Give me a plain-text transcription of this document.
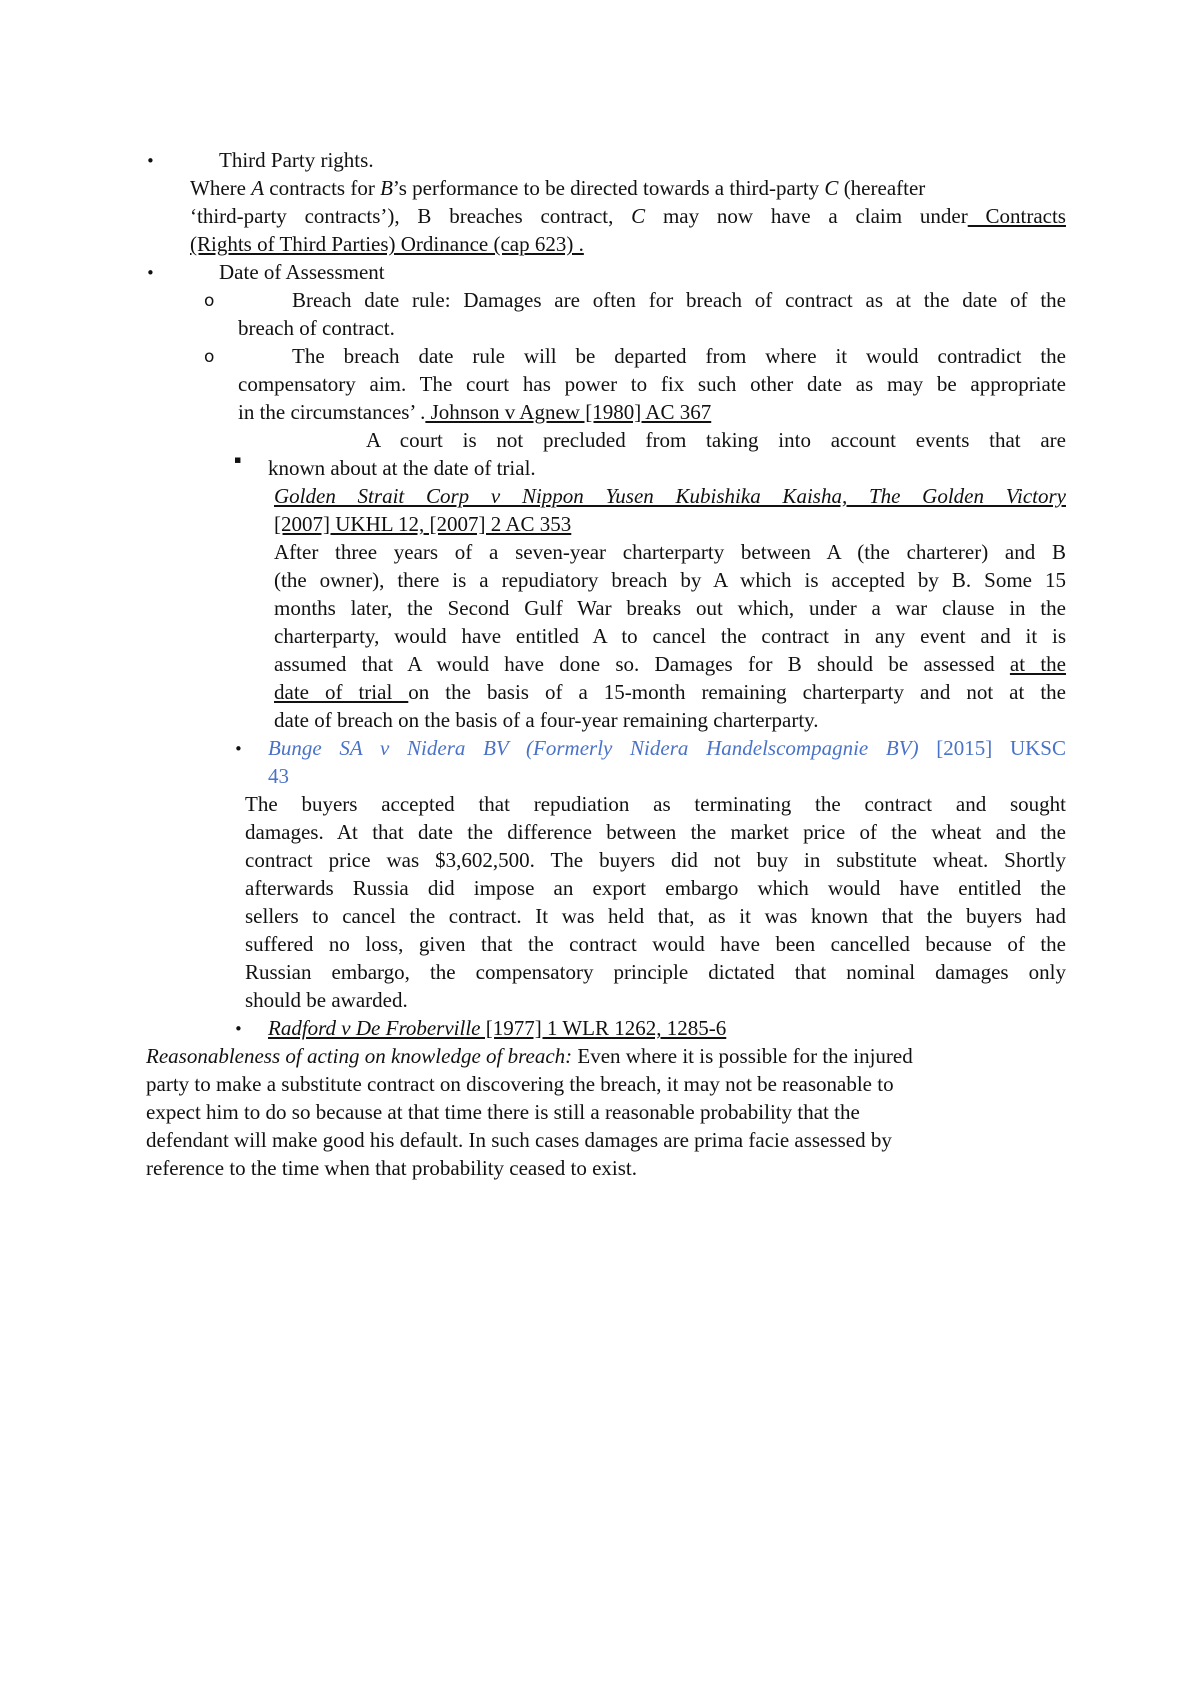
•	Third Party rights.
Where A contracts for B’s performance to be directed towards a third-party C (hereafter
‘third-party contracts’), B breaches contract, C may now have a claim under Contracts
(Rights of Third Parties) Ordinance (cap 623) .
•	Date of Assessment
o	Breach date rule: Damages are often for breach of contract as at the date of the
breach of contract.
o	The breach date rule will be departed from where it would contradict the
compensatory aim. The court has power to fix such other date as may be appropriate
in the circumstances’ . Johnson v Agnew [1980] AC 367
▪
A court is not precluded from taking into account events that are
known about at the date of trial.
Golden Strait Corp v Nippon Yusen Kubishika Kaisha, The Golden Victory
[2007] UKHL 12, [2007] 2 AC 353
After three years of a seven-year charterparty between A (the charterer) and B
(the owner), there is a repudiatory breach by A which is accepted by B. Some 15
months later, the Second Gulf War breaks out which, under a war clause in the
charterparty, would have entitled A to cancel the contract in any event and it is
assumed that A would have done so. Damages for B should be assessed at the
date of trial on the basis of a 15-month remaining charterparty and not at the
date of breach on the basis of a four-year remaining charterparty.
• Bunge SA v Nidera BV (Formerly Nidera Handelscompagnie BV) [2015] UKSC
43
The buyers accepted that repudiation as terminating the contract and sought
damages. At that date the difference between the market price of the wheat and the
contract price was $3,602,500. The buyers did not buy in substitute wheat. Shortly
afterwards Russia did impose an export embargo which would have entitled the
sellers to cancel the contract. It was held that, as it was known that the buyers had
suffered no loss, given that the contract would have been cancelled because of the
Russian embargo, the compensatory principle dictated that nominal damages only
should be awarded.
• Radford v De Froberville [1977] 1 WLR 1262, 1285-6
Reasonableness of acting on knowledge of breach: Even where it is possible for the injured
party to make a substitute contract on discovering the breach, it may not be reasonable to
expect him to do so because at that time there is still a reasonable probability that the
defendant will make good his default. In such cases damages are prima facie assessed by
reference to the time when that probability ceased to exist.
